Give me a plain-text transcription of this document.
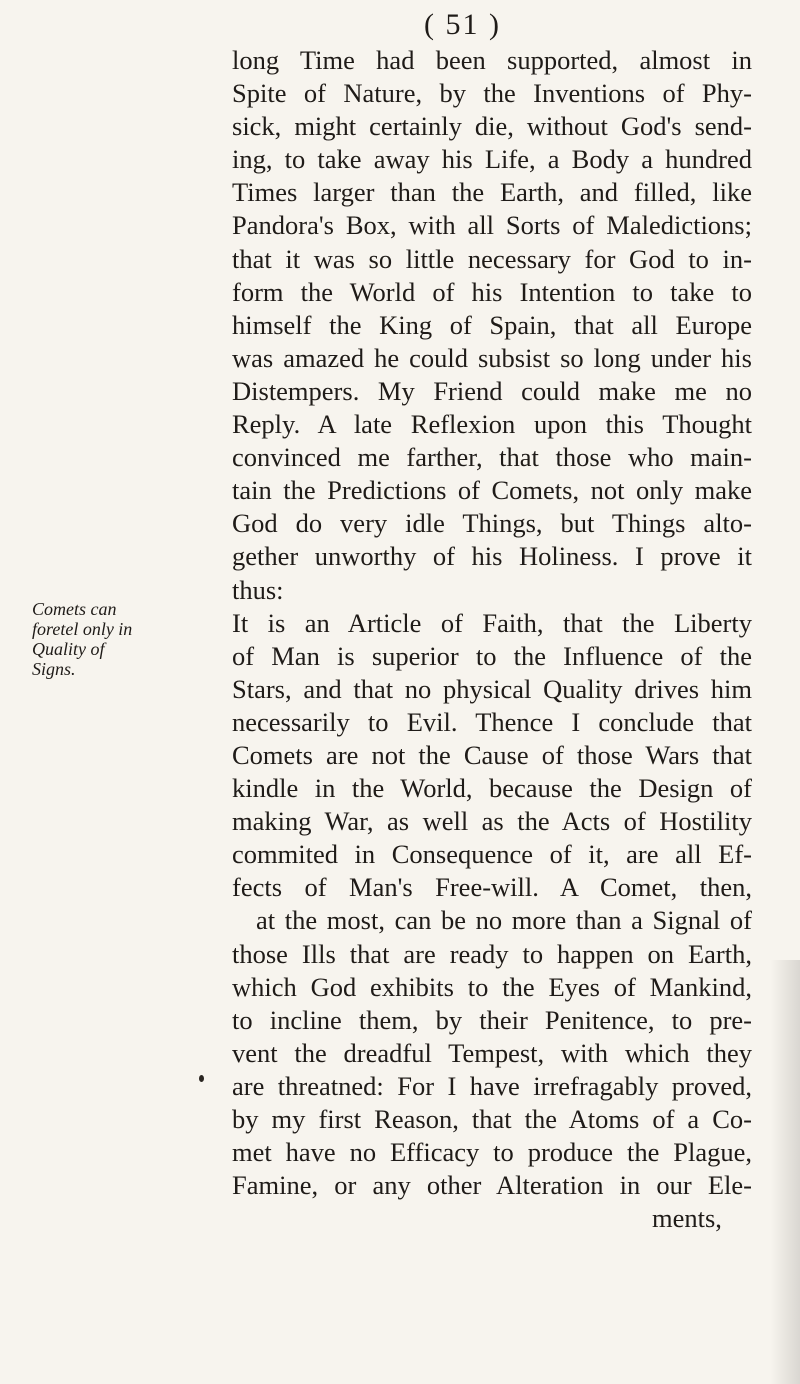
( 51 )
Comets can
foretel only in
Quality of
Signs.
long Time had been supported, almost in
Spite of Nature, by the Inventions of Phy-
sick, might certainly die, without God's send-
ing, to take away his Life, a Body a hundred
Times larger than the Earth, and filled, like
Pandora's Box, with all Sorts of Maledictions;
that it was so little necessary for God to in-
form the World of his Intention to take to
himself the King of Spain, that all Europe
was amazed he could subsist so long under his
Distempers. My Friend could make me no
Reply. A late Reflexion upon this Thought
convinced me farther, that those who main-
tain the Predictions of Comets, not only make
God do very idle Things, but Things alto-
gether unworthy of his Holiness. I prove it
thus:
It is an Article of Faith, that the Liberty
of Man is superior to the Influence of the
Stars, and that no physical Quality drives him
necessarily to Evil. Thence I conclude that
Comets are not the Cause of those Wars that
kindle in the World, because the Design of
making War, as well as the Acts of Hostility
commited in Consequence of it, are all Ef-
fects of Man's Free-will. A Comet, then,
at the most, can be no more than a Signal of
those Ills that are ready to happen on Earth,
which God exhibits to the Eyes of Mankind,
to incline them, by their Penitence, to pre-
vent the dreadful Tempest, with which they
are threatned: For I have irrefragably proved,
by my first Reason, that the Atoms of a Co-
met have no Efficacy to produce the Plague,
Famine, or any other Alteration in our Ele-
ments,
